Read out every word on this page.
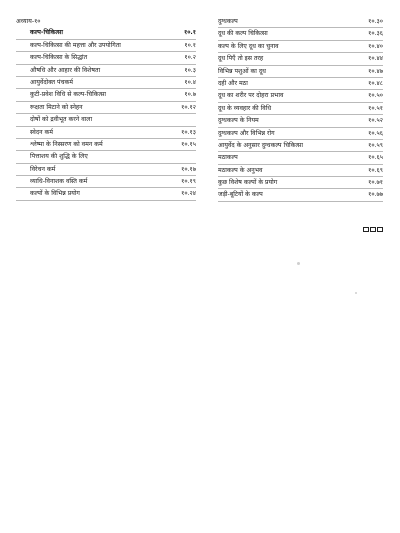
अध्याय-१०
कल्प-चिकित्सा	१०.१
कल्प-चिकित्सा की महत्ता और उपयोगिता	१०.१
कल्प-चिकित्सा के सिद्धांत	१०.२
औषधि और आहार की विशेषता	१०.३
आयुर्वेदोक्त पंचकर्म	१०.४
कुटी-प्रवेश विधि से कल्प-चिकित्सा	१०.७
रूक्षता मिटाने को स्नेहन	१०.१२
दोषों को द्रवीभूत करने वाला
स्वेदन कर्म	१०.१३
श्लेष्मा के निस्सरण को वमन कर्म	१०.१५
पित्ताशय की शुद्धि के लिए
विरेचन कर्म	१०.१७
व्याधि-विनाशक वस्ति कर्म	१०.१९
कल्पों के विभिन्न प्रयोग	१०.२४
दुग्धकल्प	१०.३०
दूध की कल्प चिकित्सा	१०.३६
कल्प के लिए दूध का चुनाव	१०.४०
दूध पिएँ तो इस तरह	१०.४४
विभिन्न पशुओं का दूध	१०.४७
दही और मठा	१०.४८
दूध का शरीर पर दोहरा प्रभाव	१०.५०
दूध के व्यवहार की विधि	१०.५१
दुग्धकल्प के नियम	१०.५२
दुग्धकल्प और विभिन्न रोग	१०.५६
आयुर्वेद के अनुसार दुग्धकल्प चिकित्सा	१०.५९
मठाकल्प	१०.६५
मठाकल्प के अनुभव	१०.६९
कुछ विशेष कल्पों के प्रयोग	१०.७१
जड़ी-बूटियों के कल्प	१०.७७
